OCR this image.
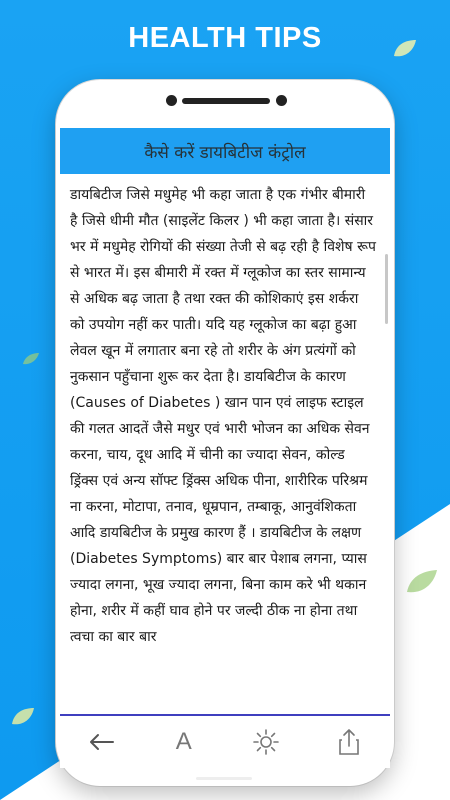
HEALTH TIPS
कैसे करें डायबिटीज कंट्रोल

डायबिटीज जिसे मधुमेह भी कहा जाता है एक गंभीर बीमारी है जिसे धीमी मौत (साइलेंट किलर ) भी कहा जाता है। संसार भर में मधुमेह रोगियों की संख्या तेजी से बढ़ रही है विशेष रूप से भारत में। इस बीमारी में रक्त में ग्लूकोज का स्तर सामान्य से अधिक बढ़ जाता है तथा रक्त की कोशिकाएं इस शर्करा को उपयोग नहीं कर पाती। यदि यह ग्लूकोज का बढ़ा हुआ लेवल खून में लगातार बना रहे तो शरीर के अंग प्रत्यंगों को नुकसान पहुँचाना शुरू कर देता है। डायबिटीज के कारण (Causes of Diabetes ) खान पान एवं लाइफ स्टाइल की गलत आदतें जैसे मधुर एवं भारी भोजन का अधिक सेवन करना, चाय, दूध आदि में चीनी का ज्यादा सेवन, कोल्ड ड्रिंक्स एवं अन्य सॉफ्ट ड्रिंक्स अधिक पीना, शारीरिक परिश्रम ना करना, मोटापा, तनाव, धूम्रपान, तम्बाकू, आनुवंशिकता आदि डायबिटीज के प्रमुख कारण हैं । डायबिटीज के लक्षण (Diabetes Symptoms) बार बार पेशाब लगना, प्यास ज्यादा लगना, भूख ज्यादा लगना, बिना काम करे भी थकान होना, शरीर में कहीं घाव होने पर जल्दी ठीक ना होना तथा त्वचा का बार बार

A
